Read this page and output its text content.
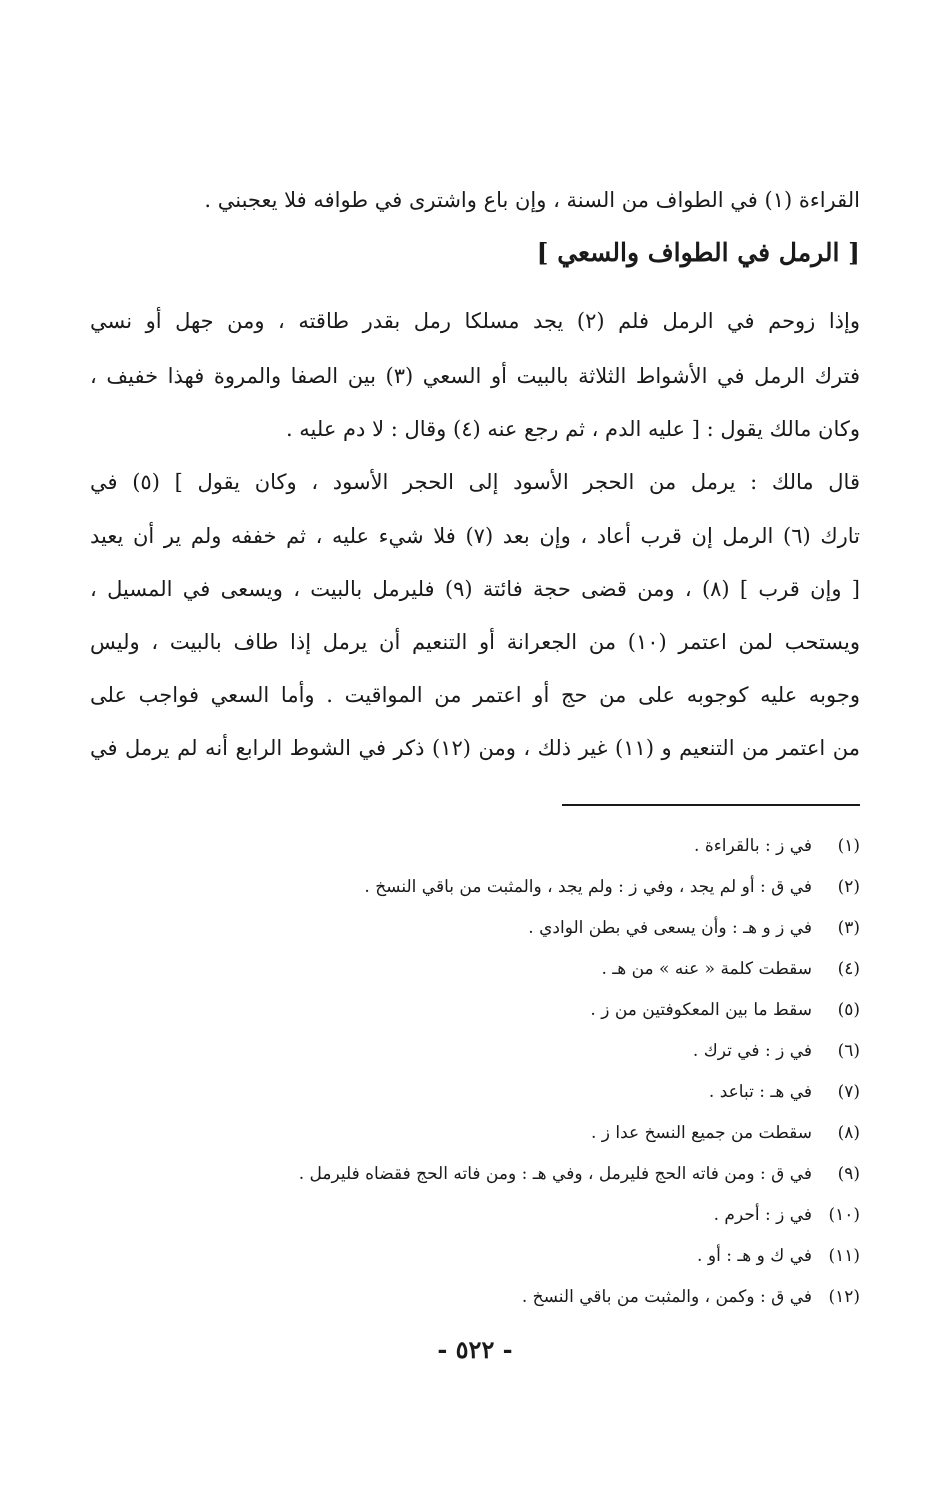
القراءة (١) في الطواف من السنة ، وإن باع واشترى في طوافه فلا يعجبني .
[ الرمل في الطواف والسعي ]
وإذا زوحم في الرمل فلم (٢) يجد مسلكا رمل بقدر طاقته ، ومن جهل أو نسي
فترك الرمل في الأشواط الثلاثة بالبيت أو السعي (٣) بين الصفا والمروة فهذا خفيف ،
وكان مالك يقول : [ عليه الدم ، ثم رجع عنه (٤) وقال : لا دم عليه .
قال مالك : يرمل من الحجر الأسود إلى الحجر الأسود ، وكان يقول ] (٥) في
تارك (٦) الرمل إن قرب أعاد ، وإن بعد (٧) فلا شيء عليه ، ثم خففه ولم ير أن يعيد
[ وإن قرب ] (٨) ، ومن قضى حجة فائتة (٩) فليرمل بالبيت ، ويسعى في المسيل ،
ويستحب لمن اعتمر (١٠) من الجعرانة أو التنعيم أن يرمل إذا طاف بالبيت ، وليس
وجوبه عليه كوجوبه على من حج أو اعتمر من المواقيت . وأما السعي فواجب على
من اعتمر من التنعيم و (١١) غير ذلك ، ومن (١٢) ذكر في الشوط الرابع أنه لم يرمل في
(١)
في ز : بالقراءة .
(٢)
في ق : أو لم يجد ، وفي ز : ولم يجد ، والمثبت من باقي النسخ .
(٣)
في ز و هـ : وأن يسعى في بطن الوادي .
(٤)
سقطت كلمة « عنه » من هـ .
(٥)
سقط ما بين المعكوفتين من ز .
(٦)
في ز : في ترك .
(٧)
في هـ : تباعد .
(٨)
سقطت من جميع النسخ عدا ز .
(٩)
في ق : ومن فاته الحج فليرمل ، وفي هـ : ومن فاته الحج فقضاه فليرمل .
(١٠)
في ز : أحرم .
(١١)
في ك و هـ : أو .
(١٢)
في ق : وكمن ، والمثبت من باقي النسخ .
- ٥٢٢ -
